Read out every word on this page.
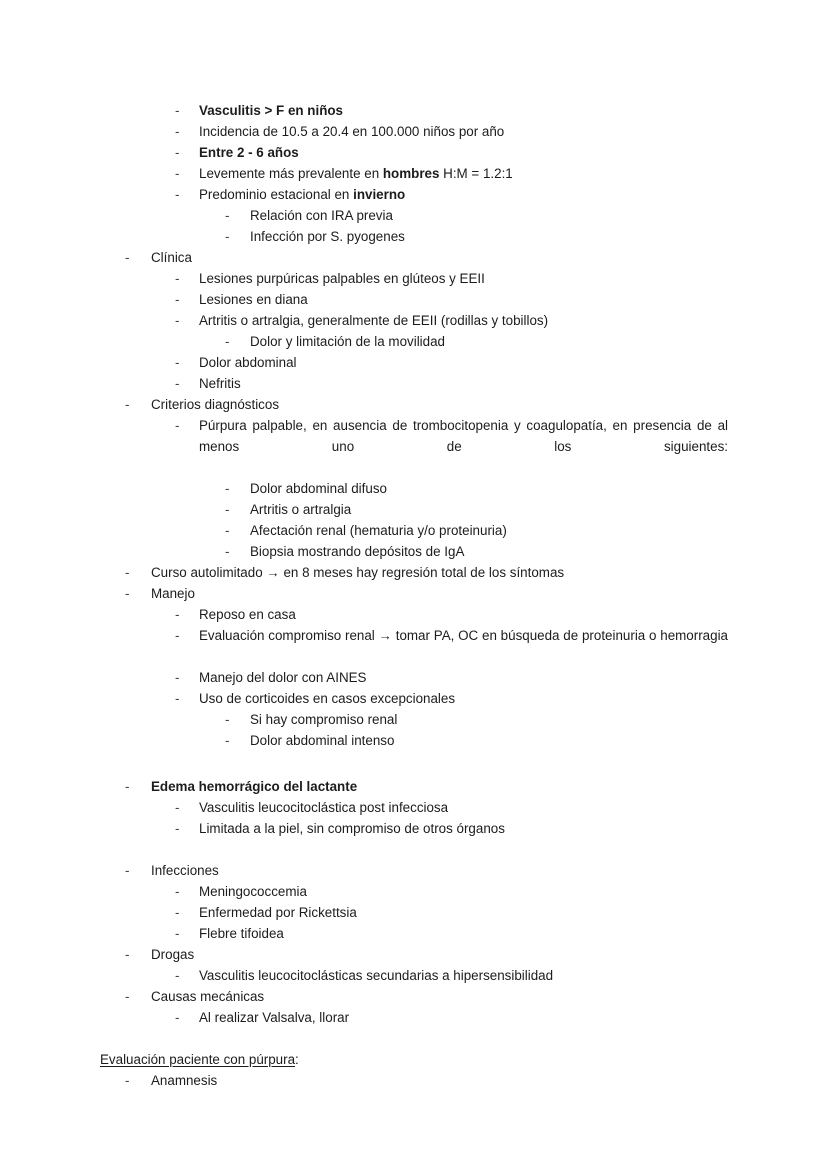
-	Vasculitis > F en niños
-	Incidencia de 10.5 a 20.4 en 100.000 niños por año
-	Entre 2 - 6 años
-	Levemente más prevalente en hombres H:M = 1.2:1
-	Predominio estacional en invierno
-	Relación con IRA previa
-	Infección por S. pyogenes
-	Clínica
-	Lesiones purpúricas palpables en glúteos y EEII
-	Lesiones en diana
-	Artritis o artralgia, generalmente de EEII (rodillas y tobillos)
-	Dolor y limitación de la movilidad
-	Dolor abdominal
-	Nefritis
-	Criterios diagnósticos
-	Púrpura palpable, en ausencia de trombocitopenia y coagulopatía, en presencia de al menos uno de los siguientes:
-	Dolor abdominal difuso
-	Artritis o artralgia
-	Afectación renal (hematuria y/o proteinuria)
-	Biopsia mostrando depósitos de IgA
-	Curso autolimitado → en 8 meses hay regresión total de los síntomas
-	Manejo
-	Reposo en casa
-	Evaluación compromiso renal → tomar PA, OC en búsqueda de proteinuria o hemorragia
-	Manejo del dolor con AINES
-	Uso de corticoides en casos excepcionales
-	Si hay compromiso renal
-	Dolor abdominal intenso
-	Edema hemorrágico del lactante
-	Vasculitis leucocitoclástica post infecciosa
-	Limitada a la piel, sin compromiso de otros órganos
-	Infecciones
-	Meningococcemia
-	Enfermedad por Rickettsia
-	Flebre tifoidea
-	Drogas
-	Vasculitis leucocitoclásticas secundarias a hipersensibilidad
-	Causas mecánicas
-	Al realizar Valsalva, llorar
Evaluación paciente con púrpura:
-	Anamnesis
